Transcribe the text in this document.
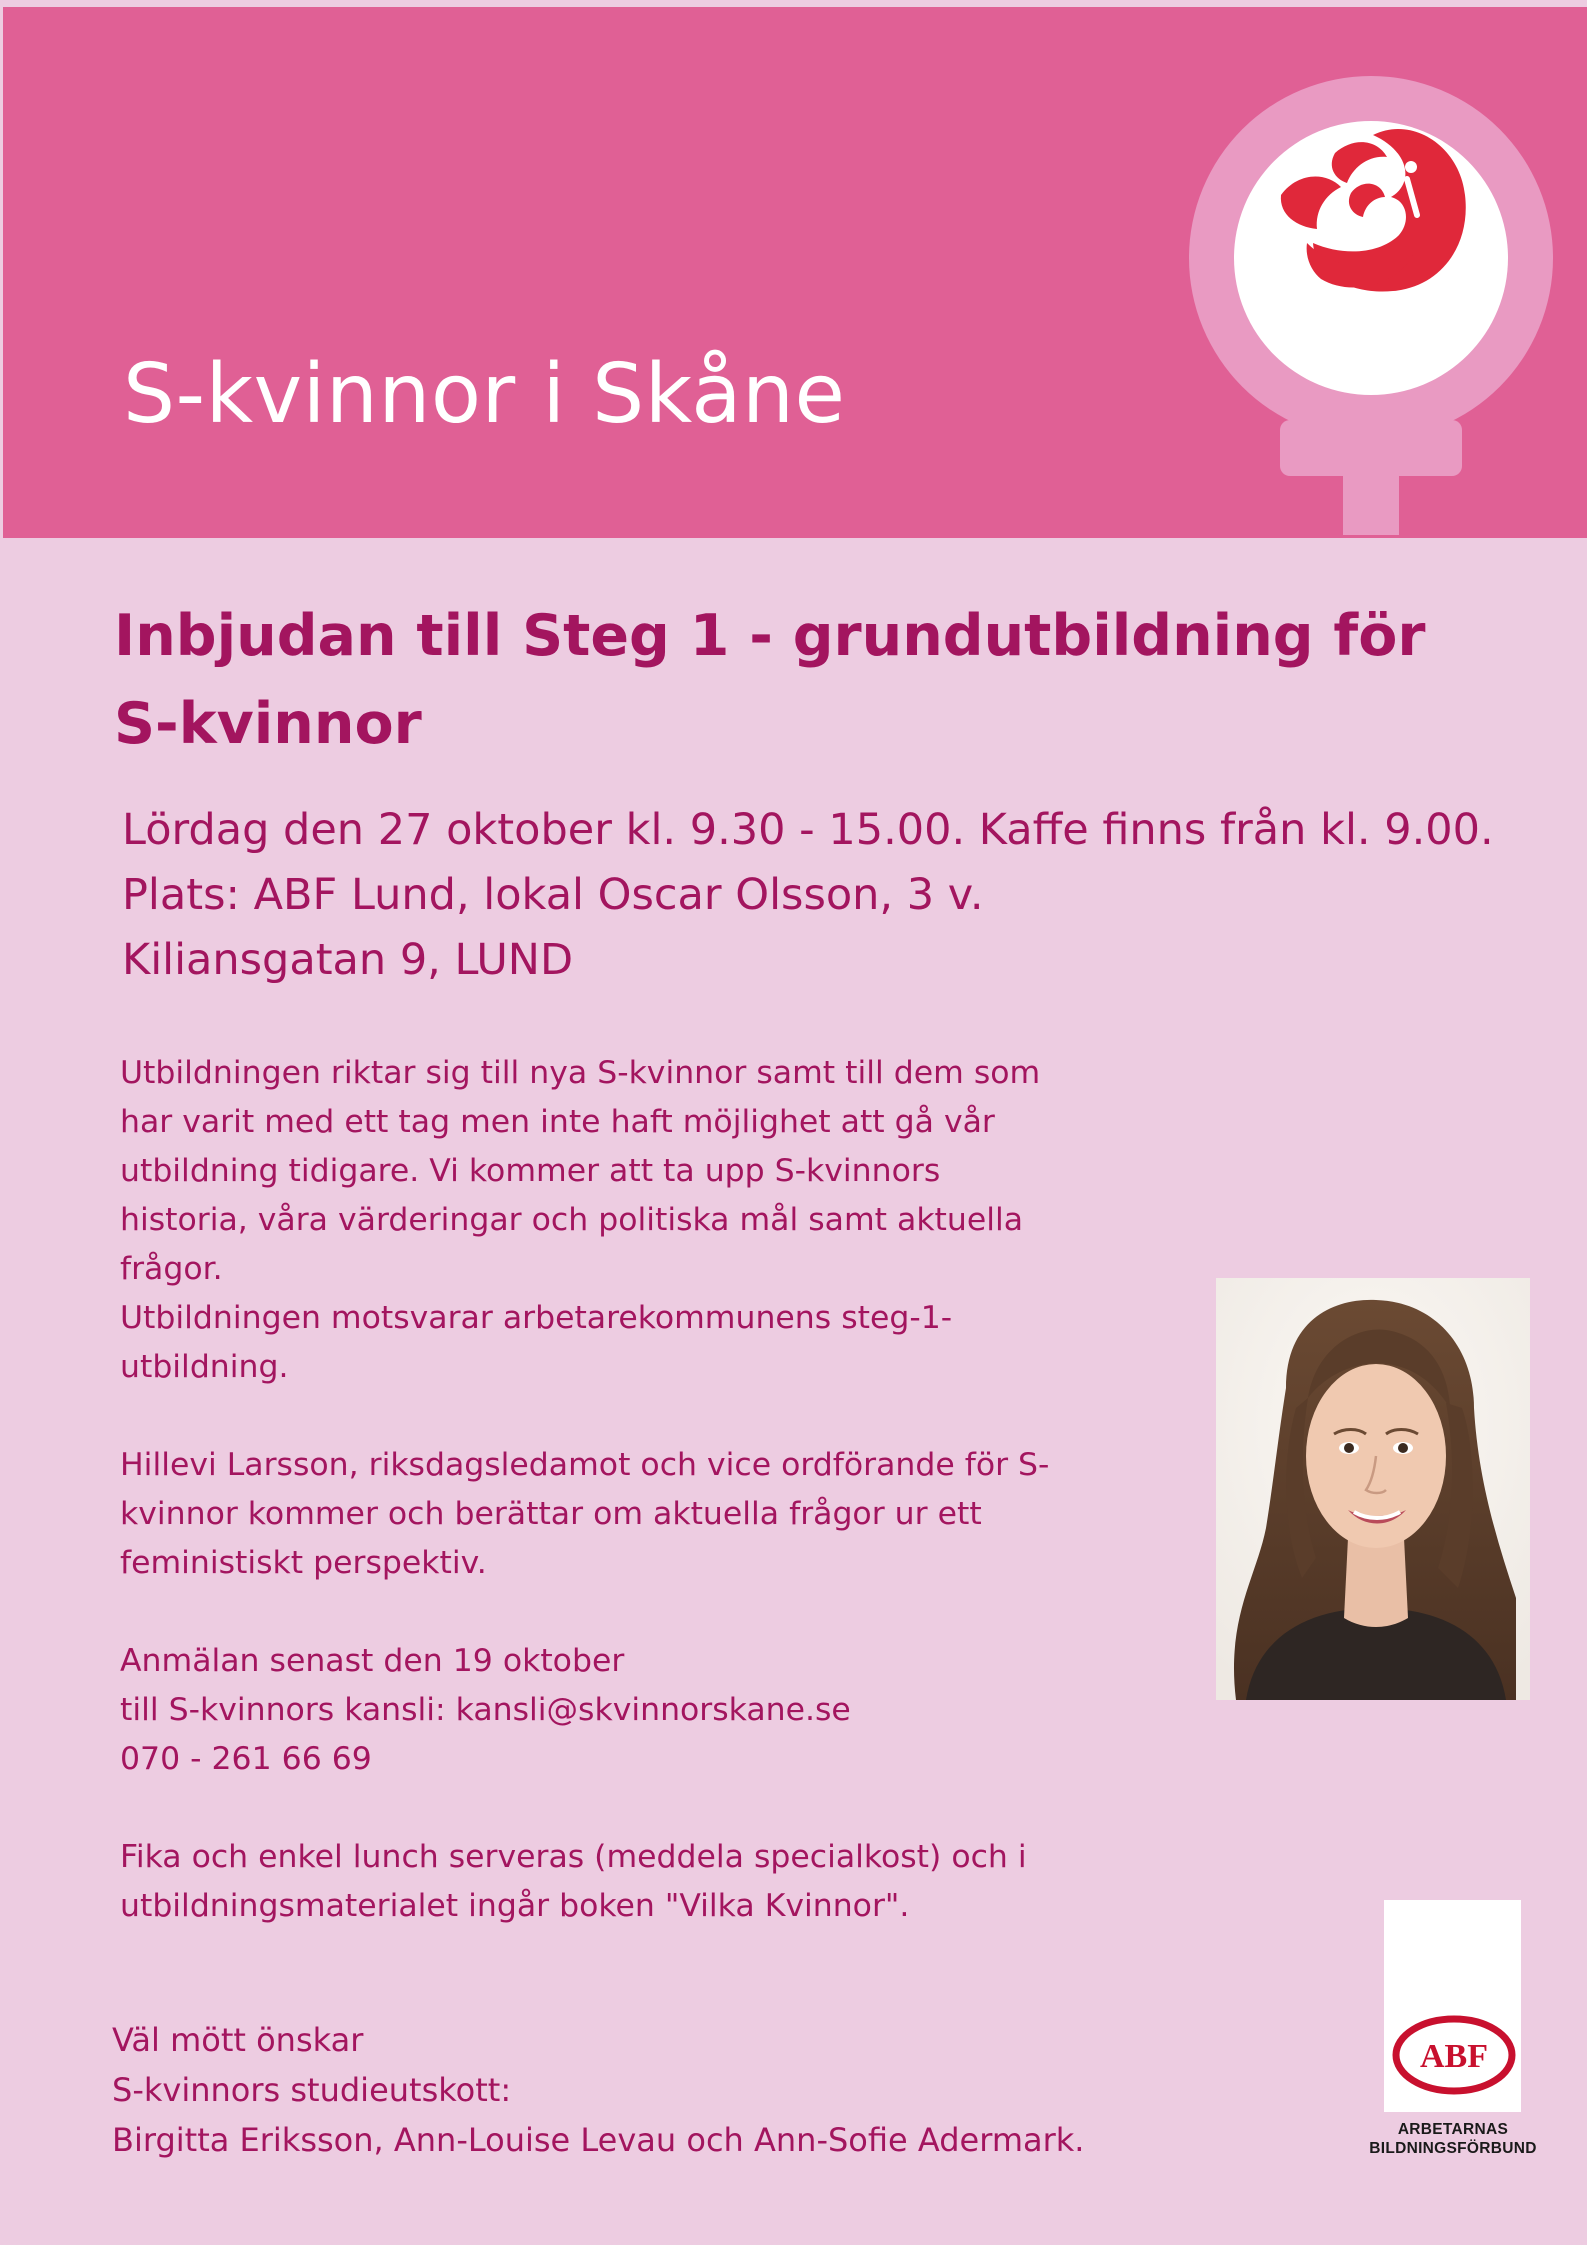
S-kvinnor i Skåne
Inbjudan till Steg 1 - grundutbildning för
S-kvinnor
Lördag den 27 oktober kl. 9.30 - 15.00. Kaffe finns från kl. 9.00.
Plats: ABF Lund, lokal Oscar Olsson, 3 v.
Kiliansgatan 9, LUND
Utbildningen riktar sig till nya S-kvinnor samt till dem som
har varit med ett tag men inte haft möjlighet att gå vår
utbildning tidigare. Vi kommer att ta upp S-kvinnors
historia, våra värderingar och politiska mål samt aktuella
frågor.
Utbildningen motsvarar arbetarekommunens steg-1-
utbildning.
Hillevi Larsson, riksdagsledamot och vice ordförande för S-
kvinnor kommer och berättar om aktuella frågor ur ett
feministiskt perspektiv.
Anmälan senast den 19 oktober
till S-kvinnors kansli: kansli@skvinnorskane.se
070 - 261 66 69
Fika och enkel lunch serveras (meddela specialkost) och i
utbildningsmaterialet ingår boken "Vilka Kvinnor".
Väl mött önskar
S-kvinnors studieutskott:
Birgitta Eriksson, Ann-Louise Levau och Ann-Sofie Adermark.
ABF
ARBETARNAS
BILDNINGSFÖRBUND
